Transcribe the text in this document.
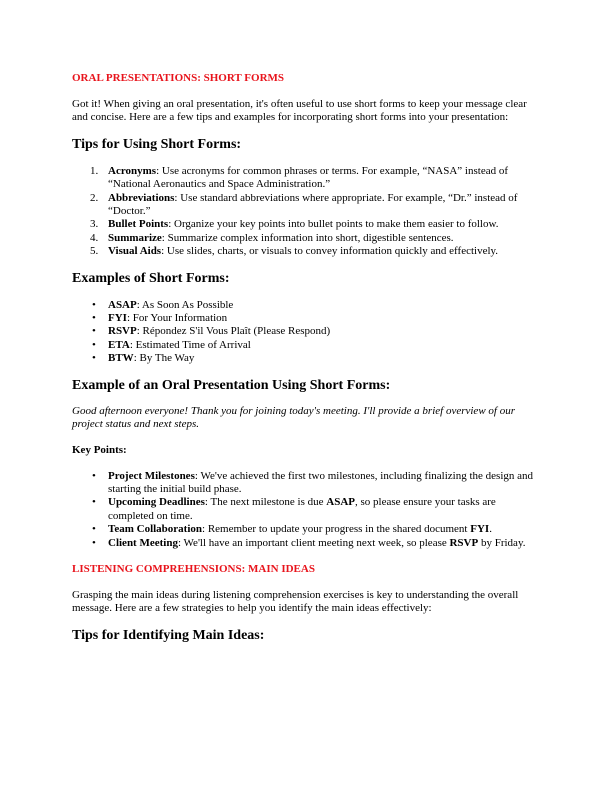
ORAL PRESENTATIONS: SHORT FORMS

Got it! When giving an oral presentation, it's often useful to use short forms to keep your message clear and concise. Here are a few tips and examples for incorporating short forms into your presentation:

Tips for Using Short Forms:
1. Acronyms: Use acronyms for common phrases or terms. For example, “NASA” instead of “National Aeronautics and Space Administration.”
2. Abbreviations: Use standard abbreviations where appropriate. For example, “Dr.” instead of “Doctor.”
3. Bullet Points: Organize your key points into bullet points to make them easier to follow.
4. Summarize: Summarize complex information into short, digestible sentences.
5. Visual Aids: Use slides, charts, or visuals to convey information quickly and effectively.
Examples of Short Forms:
• ASAP: As Soon As Possible
• FYI: For Your Information
• RSVP: Répondez S'il Vous Plaît (Please Respond)
• ETA: Estimated Time of Arrival
• BTW: By The Way
Example of an Oral Presentation Using Short Forms:

Good afternoon everyone! Thank you for joining today's meeting. I'll provide a brief overview of our project status and next steps.

Key Points:
• Project Milestones: We've achieved the first two milestones, including finalizing the design and starting the initial build phase.
• Upcoming Deadlines: The next milestone is due ASAP, so please ensure your tasks are completed on time.
• Team Collaboration: Remember to update your progress in the shared document FYI.
• Client Meeting: We'll have an important client meeting next week, so please RSVP by Friday.

LISTENING COMPREHENSIONS: MAIN IDEAS

Grasping the main ideas during listening comprehension exercises is key to understanding the overall message. Here are a few strategies to help you identify the main ideas effectively:

Tips for Identifying Main Ideas:
